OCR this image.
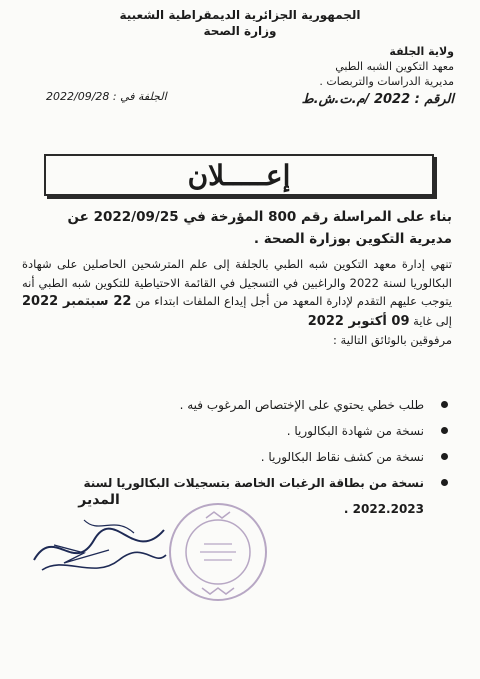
الجمهورية الجزائرية الديمقراطية الشعبية
وزارة الصحة
ولاية الجلفة
معهد التكوين الشبه الطبي
مديرية الدراسات والتربصات .
الرقم : 2022 /م.ت.ش.ط
الجلفة في : 2022/09/28
إعـــــلان
بناء على المراسلة رقم 800 المؤرخة في 2022/09/25 عن مديرية التكوين بوزارة الصحة .
تنهي إدارة معهد التكوين شبه الطبي بالجلفة إلى علم المترشحين الحاصلين على شهادة البكالوريا لسنة 2022 والراغبين في التسجيل في القائمة الاحتياطية للتكوين شبه الطبي أنه يتوجب عليهم التقدم لإدارة المعهد من أجل إيداع الملفات ابتداء من 22 سبتمبر 2022 إلى غاية 09 أكتوبر 2022
مرفوقين بالوثائق التالية :
طلب خطي يحتوي على الإختصاص المرغوب فيه .
نسخة من شهادة البكالوريا .
نسخة من كشف نقاط البكالوريا .
نسخة من بطاقة الرغبات الخاصة بتسجيلات البكالوريا لسنة 2022.2023 .
المدير
